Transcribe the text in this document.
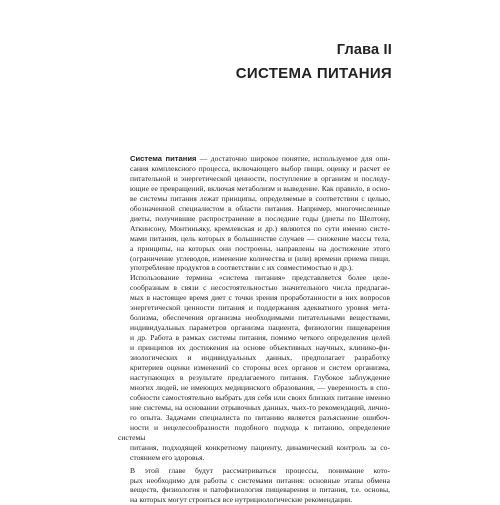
Глава II
СИСТЕМА ПИТАНИЯ

Система питания — достаточно широкое понятие, используемое для опи-
сания комплексного процесса, включающего выбор пищи, оценку и расчет ее
питательной и энергетической ценности, поступление в организм и последу-
ющие ее превращений, включая метаболизм и выведение. Как правило, в осно-
ве системы питания лежат принципы, определяемые в соответствии с целью,
обозначенной специалистом в области питания. Например, многочисленные
диеты, получившие распространение в последние годы (диеты по Шелтону,
Аткинсону, Монтиньяку, кремлевская и др.) являются по сути именно систе-
мами питания, цель которых в большинстве случаев — снижение массы тела,
а принципы, на которых они построены, направлены на достижение этого
(ограничение углеводов, изменение количества и (или) времени приема пищи,
употребление продуктов в соответствии с их совместимостью и др.).

Использование термина «система питания» представляется более целе-
сообразным в связи с несостоятельностью значительного числа предлагае-
мых в настоящее время диет с точки зрения проработанности в них вопросов
энергетической ценности питания и поддержания адекватного уровня мета-
болизма, обеспечения организма необходимыми питательными веществами,
индивидуальных параметров организма пациента, физиологии пищеварения
и др. Работа в рамках системы питания, помимо четкого определения целей
и принципов их достижения на основе объективных научных, клинико-фи-
зиологических и индивидуальных данных, предполагает разработку
критериев оценки изменений со стороны всех органов и систем организма,
наступающих в результате предлагаемого питания. Глубокое заблуждение
многих людей, не имеющих медицинского образования, — уверенность в спо-
собности самостоятельно выбрать для себя или своих близких питание именно
ние системы, на основании отрывочных данных, чьих-то рекомендаций, лично-
го опыта. Задачами специалиста по питанию является разъяснение ошибоч-
ности и нецелесообразности подобного подхода к питанию, определение системы
питания, подходящей конкретному пациенту, динамический контроль за со-
стоянием его здоровья.

В этой главе будут рассматриваться процессы, понимание кото-
рых необходимо для работы с системами питания: основные этапы обмена
веществ, физиология и патофизиология пищеварения и питания, т.е. основы,
на которых могут строиться все нутрициологические рекомендации.
